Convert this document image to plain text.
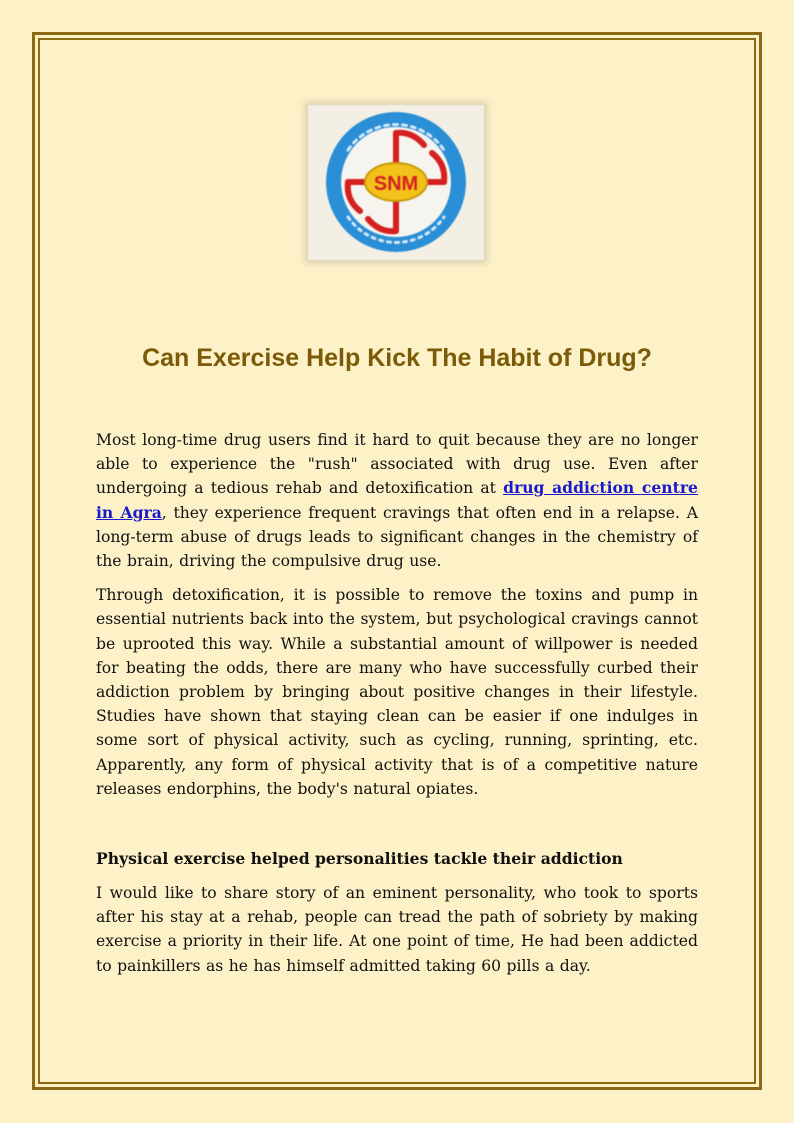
SNM
Can Exercise Help Kick The Habit of Drug?

Most long-time drug users find it hard to quit because they are no longer able to experience the "rush" associated with drug use. Even after undergoing a tedious rehab and detoxification at drug addiction centre in Agra, they experience frequent cravings that often end in a relapse. A long-term abuse of drugs leads to significant changes in the chemistry of the brain, driving the compulsive drug use.

Through detoxification, it is possible to remove the toxins and pump in essential nutrients back into the system, but psychological cravings cannot be uprooted this way. While a substantial amount of willpower is needed for beating the odds, there are many who have successfully curbed their addiction problem by bringing about positive changes in their lifestyle. Studies have shown that staying clean can be easier if one indulges in some sort of physical activity, such as cycling, running, sprinting, etc. Apparently, any form of physical activity that is of a competitive nature releases endorphins, the body's natural opiates.

Physical exercise helped personalities tackle their addiction

I would like to share story of an eminent personality, who took to sports after his stay at a rehab, people can tread the path of sobriety by making exercise a priority in their life. At one point of time, He had been addicted to painkillers as he has himself admitted taking 60 pills a day.
